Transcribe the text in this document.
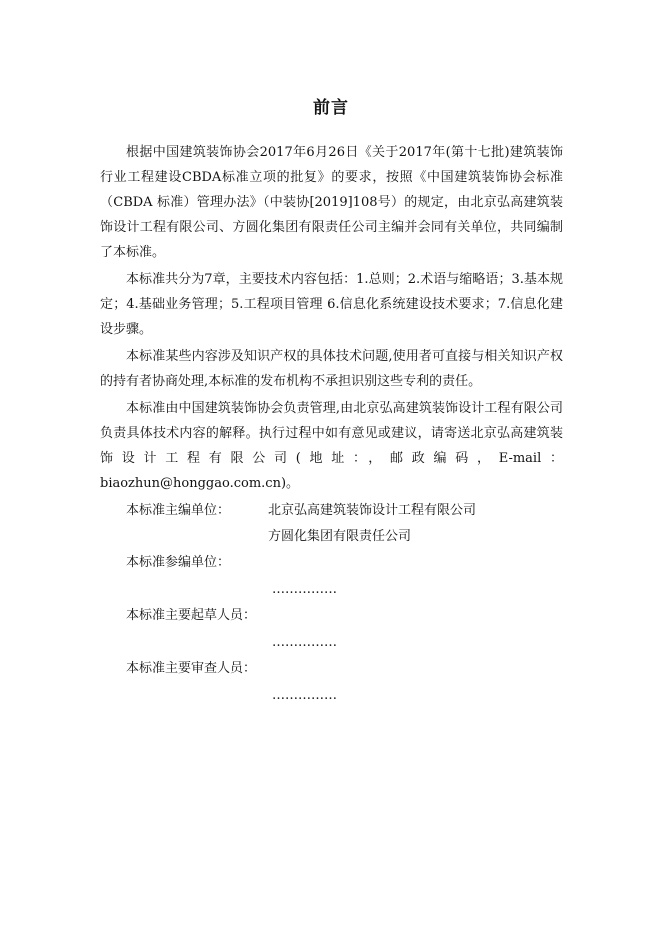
前言

根据中国建筑装饰协会2017年6月26日《关于2017年(第十七批)建筑装饰行业工程建设CBDA标准立项的批复》的要求，按照《中国建筑装饰协会标准（CBDA 标准）管理办法》（中装协[2019]108号）的规定，由北京弘高建筑装饰设计工程有限公司、方圆化集团有限责任公司主编并会同有关单位，共同编制了本标准。

本标准共分为7章，主要技术内容包括：1.总则；2.术语与缩略语；3.基本规定；4.基础业务管理；5.工程项目管理 6.信息化系统建设技术要求；7.信息化建设步骤。

本标准某些内容涉及知识产权的具体技术问题,使用者可直接与相关知识产权的持有者协商处理,本标准的发布机构不承担识别这些专利的责任。

本标准由中国建筑装饰协会负责管理,由北京弘高建筑装饰设计工程有限公司负责具体技术内容的解释。执行过程中如有意见或建议，请寄送北京弘高建筑装饰设计工程有限公司(地址：，邮政编码，E-mail：biaozhun@honggao.com.cn)。

本标准主编单位：	北京弘高建筑装饰设计工程有限公司
方圆化集团有限责任公司
本标准参编单位：
……………
本标准主要起草人员：
……………
本标准主要审查人员：
……………
